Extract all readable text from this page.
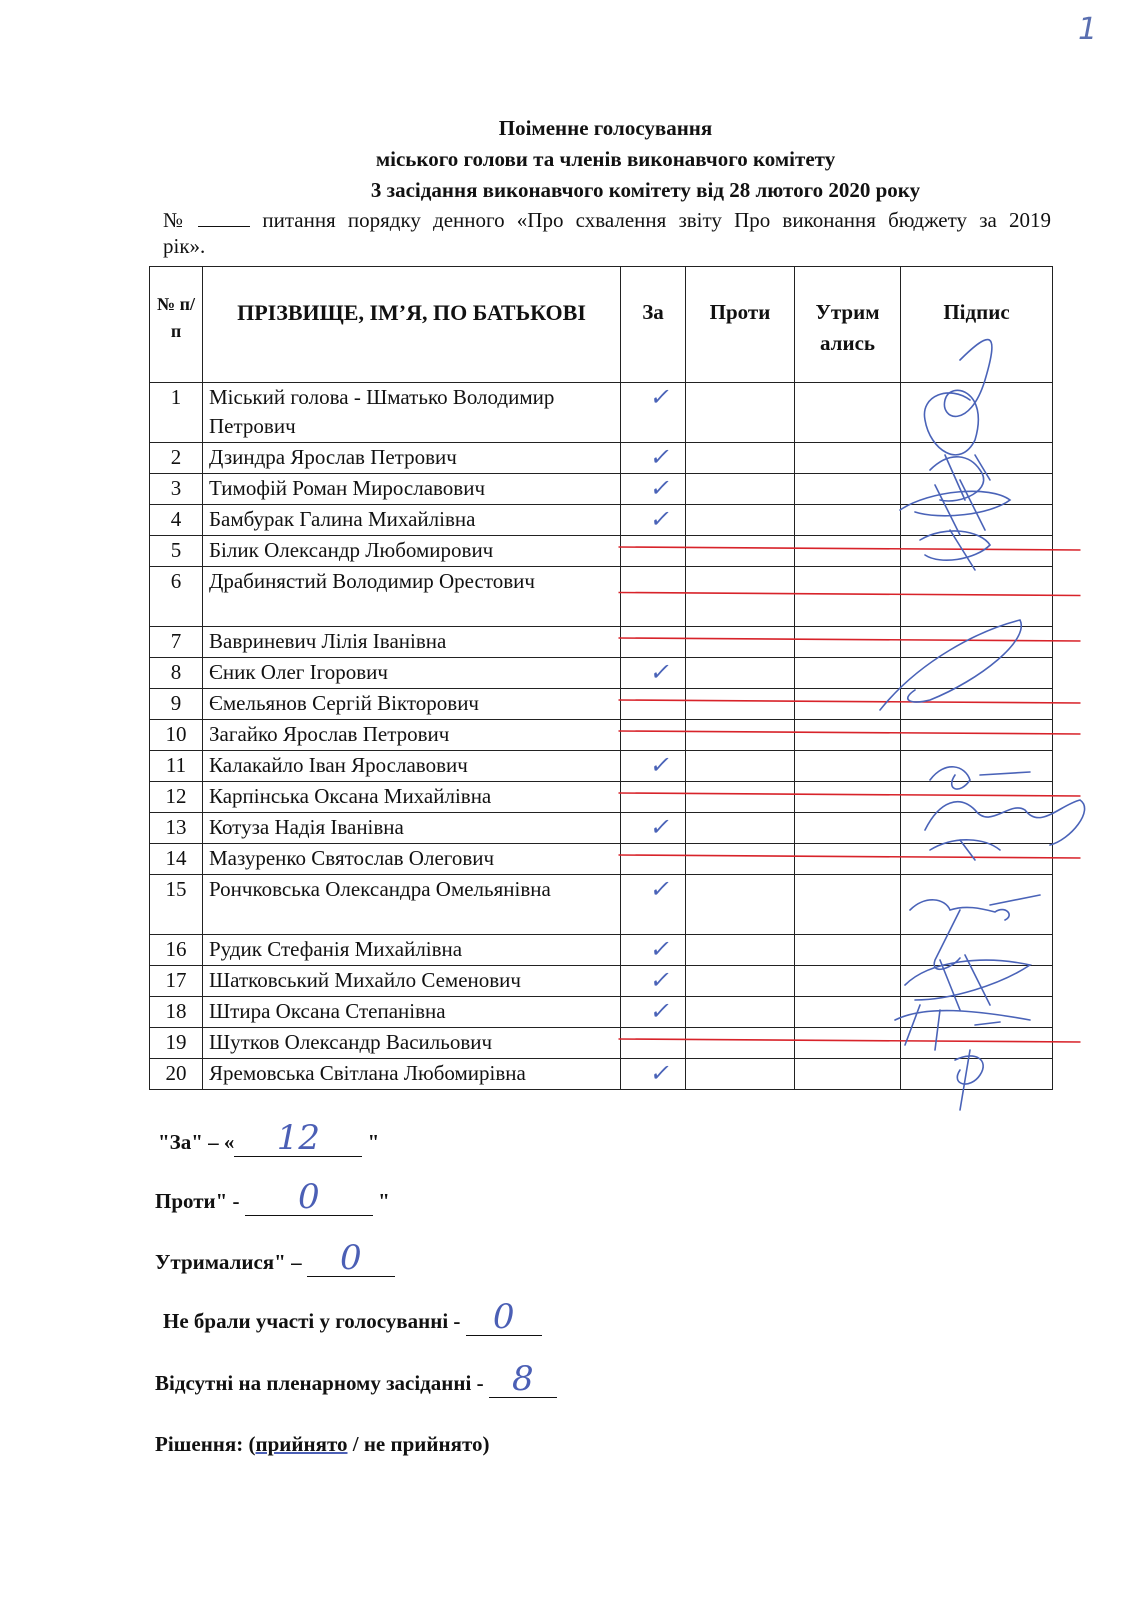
1
Поіменне голосування
міського голови та членів виконавчого комітету
3 засідання виконавчого комітету від 28 лютого 2020 року
№	питання порядку денного «Про схвалення звіту Про виконання бюджету за 2019 рік».
№ п/ п	ПРІЗВИЩЕ, ІМ’Я, ПО БАТЬКОВІ	За	Проти	Утрим ались	Підпис
1	Міський голова - Шматько Володимир Петрович	✓			
2	Дзиндра Ярослав Петрович	✓			
3	Тимофій Роман Мирославович	✓			
4	Бамбурак Галина Михайлівна	✓			
5	Білик Олександр Любомирович				
6	Драбинястий Володимир Орестович				
7	Вавриневич Лілія Іванівна				
8	Єник Олег Ігорович	✓			
9	Ємельянов Сергій Вікторович				
10	Загайко Ярослав Петрович				
11	Калакайло Іван Ярославович	✓			
12	Карпінська Оксана Михайлівна				
13	Котуза Надія Іванівна	✓			
14	Мазуренко Святослав Олегович				
15	Рончковська Олександра Омельянівна	✓			
16	Рудик Стефанія Михайлівна	✓			
17	Шатковський Михайло Семенович	✓			
18	Штира Оксана Степанівна	✓			
19	Шутков Олександр Васильович				
20	Яремовська Світлана Любомирівна	✓			
"За" – « 12 "
Проти" - 0	"
Утрималися" – 0
Не брали участі у голосуванні - 0
Відсутні на пленарному засіданні - 8
Рішення: (прийнято / не прийнято)
